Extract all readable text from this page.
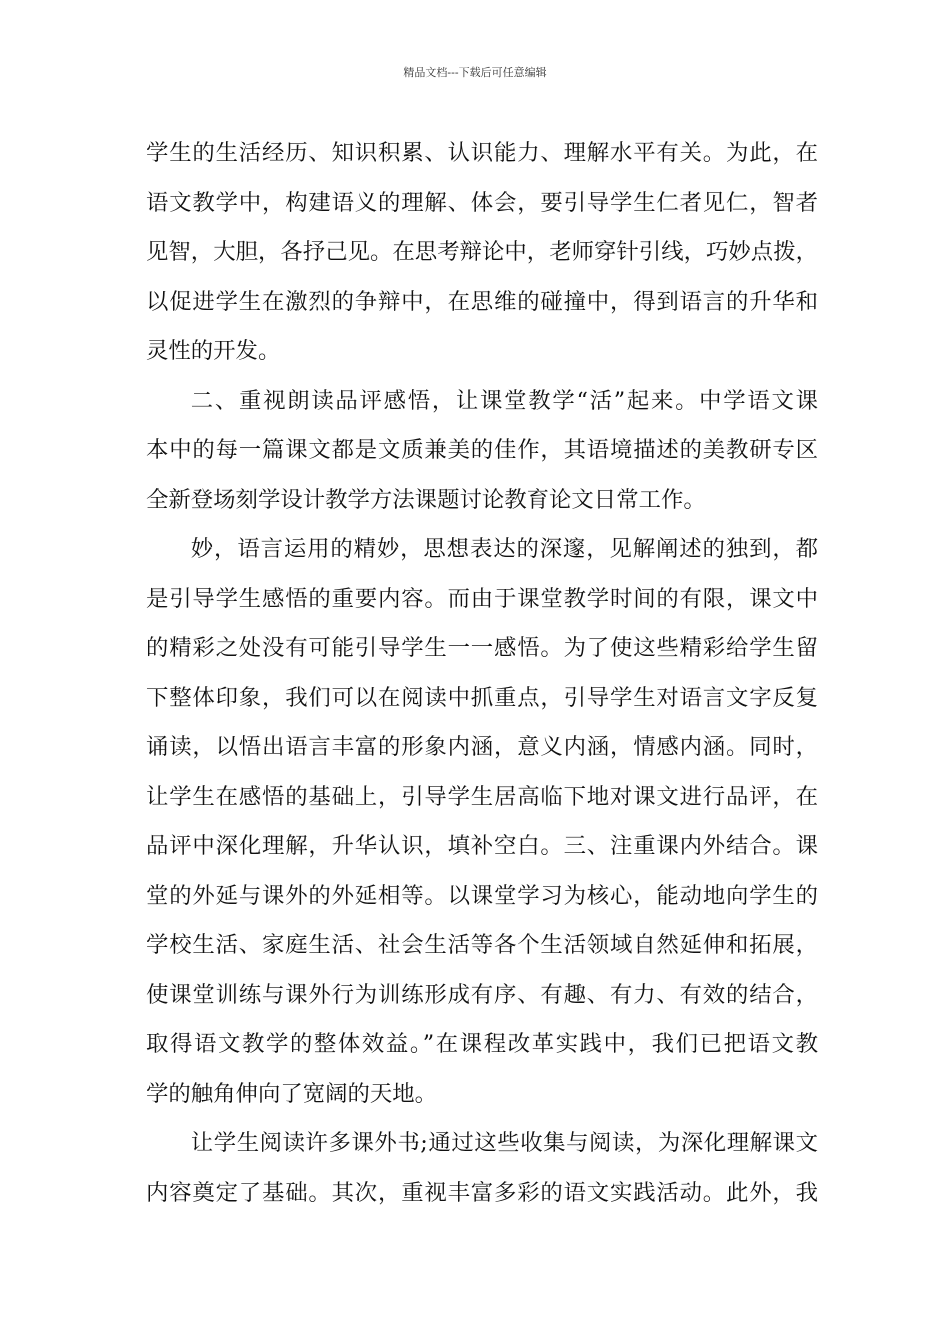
精品文档---下载后可任意编辑
学生的生活经历、知识积累、认识能力、理解水平有关。为此，在
语文教学中，构建语义的理解、体会，要引导学生仁者见仁，智者
见智，大胆，各抒己见。在思考辩论中，老师穿针引线，巧妙点拨，
以促进学生在激烈的争辩中，在思维的碰撞中，得到语言的升华和
灵性的开发。
二、重视朗读品评感悟，让课堂教学“活”起来。中学语文课
本中的每一篇课文都是文质兼美的佳作，其语境描述的美教研专区
全新登场刻学设计教学方法课题讨论教育论文日常工作。
妙，语言运用的精妙，思想表达的深邃，见解阐述的独到，都
是引导学生感悟的重要内容。而由于课堂教学时间的有限，课文中
的精彩之处没有可能引导学生一一感悟。为了使这些精彩给学生留
下整体印象，我们可以在阅读中抓重点，引导学生对语言文字反复
诵读，以悟出语言丰富的形象内涵，意义内涵，情感内涵。同时，
让学生在感悟的基础上，引导学生居高临下地对课文进行品评，在
品评中深化理解，升华认识，填补空白。三、注重课内外结合。课
堂的外延与课外的外延相等。以课堂学习为核心，能动地向学生的
学校生活、家庭生活、社会生活等各个生活领域自然延伸和拓展，
使课堂训练与课外行为训练形成有序、有趣、有力、有效的结合，
取得语文教学的整体效益。”在课程改革实践中，我们已把语文教
学的触角伸向了宽阔的天地。
让学生阅读许多课外书;通过这些收集与阅读，为深化理解课文
内容奠定了基础。其次，重视丰富多彩的语文实践活动。此外，我
